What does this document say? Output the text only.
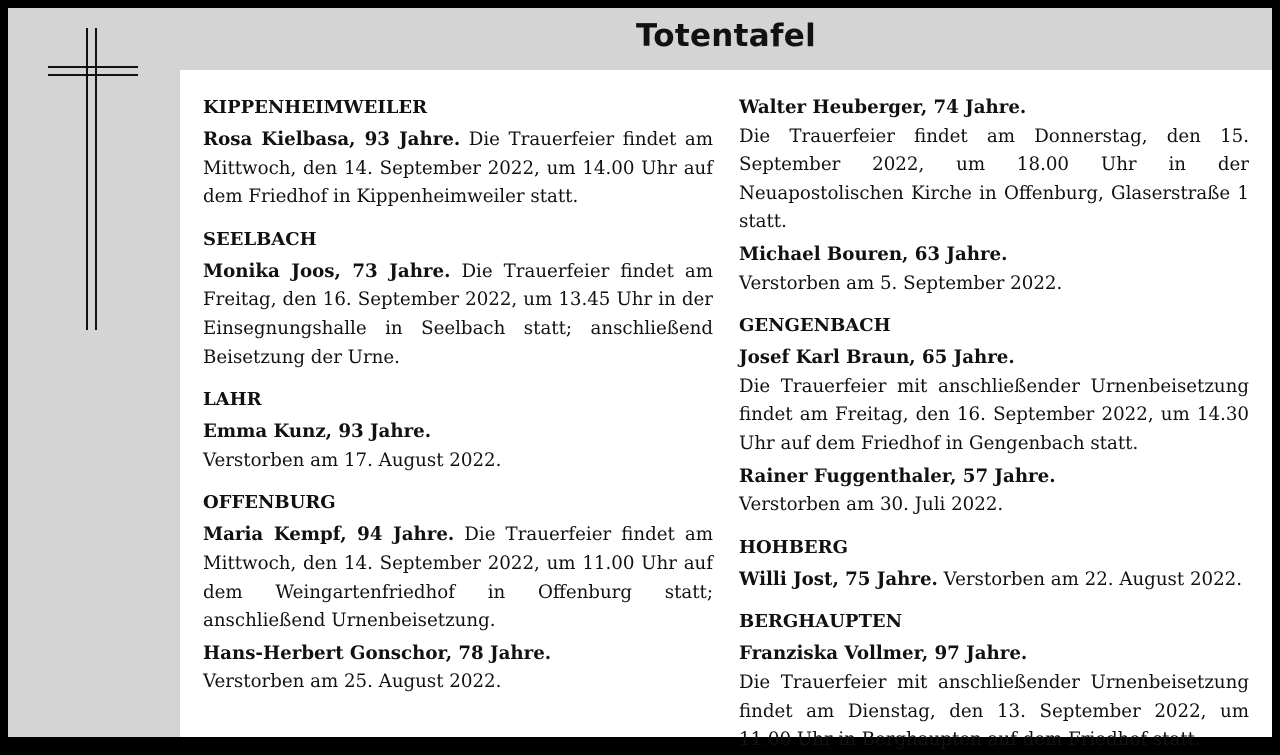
Totentafel
KIPPENHEIMWEILER
Rosa Kielbasa, 93 Jahre. Die Trauerfeier findet am Mittwoch, den 14. September 2022, um 14.00 Uhr auf dem Friedhof in Kippenheimweiler statt.
SEELBACH
Monika Joos, 73 Jahre. Die Trauerfeier findet am Freitag, den 16. September 2022, um 13.45 Uhr in der Einsegnungshalle in Seelbach statt; anschließend Beisetzung der Urne.
LAHR
Emma Kunz, 93 Jahre.
Verstorben am 17. August 2022.
OFFENBURG
Maria Kempf, 94 Jahre. Die Trauerfeier findet am Mittwoch, den 14. September 2022, um 11.00 Uhr auf dem Weingartenfriedhof in Offenburg statt; anschließend Urnenbeisetzung.
Hans-Herbert Gonschor, 78 Jahre.
Verstorben am 25. August 2022.
Walter Heuberger, 74 Jahre.
Die Trauerfeier findet am Donnerstag, den 15. September 2022, um 18.00 Uhr in der Neuapostolischen Kirche in Offenburg, Glaserstraße 1 statt.
Michael Bouren, 63 Jahre.
Verstorben am 5. September 2022.
GENGENBACH
Josef Karl Braun, 65 Jahre.
Die Trauerfeier mit anschließender Urnenbeisetzung findet am Freitag, den 16. September 2022, um 14.30 Uhr auf dem Friedhof in Gengenbach statt.
Rainer Fuggenthaler, 57 Jahre.
Verstorben am 30. Juli 2022.
HOHBERG
Willi Jost, 75 Jahre. Verstorben am 22. August 2022.
BERGHAUPTEN
Franziska Vollmer, 97 Jahre.
Die Trauerfeier mit anschließender Urnenbeisetzung findet am Dienstag, den 13. September 2022, um 11.00 Uhr in Berghaupten auf dem Friedhof statt.
